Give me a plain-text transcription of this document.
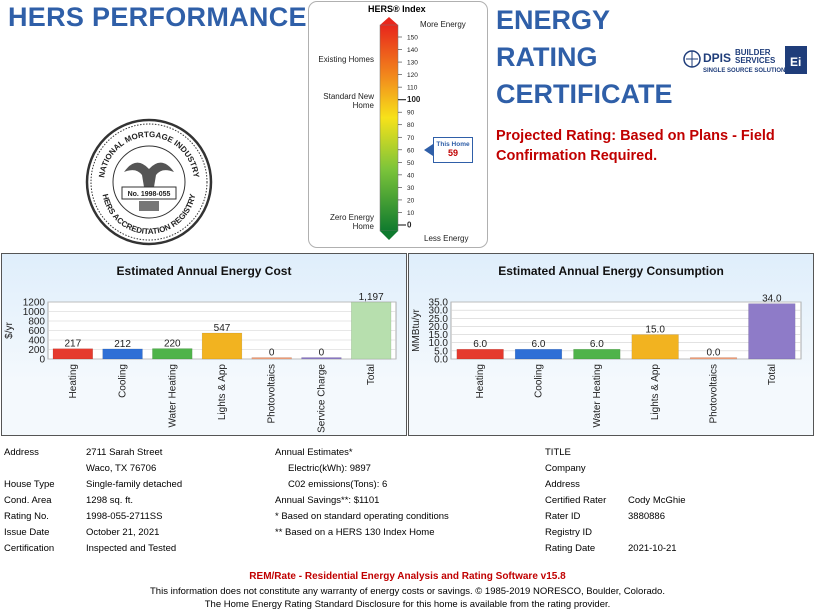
HERS PERFORMANCE	ENERGY
RATING
CERTIFICATE
Projected Rating: Based on Plans - Field Confirmation Required.
DPIS BUILDER
SERVICES
SINGLE SOURCE SOLUTION
Ei
NATIONAL MORTGAGE INDUSTRY
HERS ACCREDITATION REGISTRY
No. 1998-055
HERS® Index
More Energy
Less Energy
Existing Homes
Standard New Home
Zero Energy Home
150
140
130
120
110
100
90
80
70
60
50
40
30
20
10
0
This Home
59
Estimated Annual Energy Cost
0
200
400
600
800
1000
1200
$/yr
217
Heating
212
Cooling
220
Water Heating
547
Lights & App
0
Photovoltaics
0
Service Charge
1,197
Total
Estimated Annual Energy Consumption
0.0
5.0
10.0
15.0
20.0
25.0
30.0
35.0
MMBtu/yr	6.0
Heating
6.0
Cooling
6.0
Water Heating
15.0
Lights & App
0.0
Photovoltaics
34.0
Total
Address
House Type
Cond. Area
Rating No.
Issue Date
Certification
2711 Sarah Street
Waco, TX 76706
Single-family detached
1298 sq. ft.
1998-055-2711SS
October 21, 2021
Inspected and Tested
Annual Estimates*
Electric(kWh): 9897
C02 emissions(Tons): 6
Annual Savings**: $1101
* Based on standard operating conditions
** Based on a HERS 130 Index Home
TITLE
Company
Address
Certified Rater
Rater ID
Registry ID
Rating Date
Cody McGhie
3880886
2021-10-21
REM/Rate - Residential Energy Analysis and Rating Software v15.8
This information does not constitute any warranty of energy costs or savings. © 1985-2019 NORESCO, Boulder, Colorado.
The Home Energy Rating Standard Disclosure for this home is available from the rating provider.
